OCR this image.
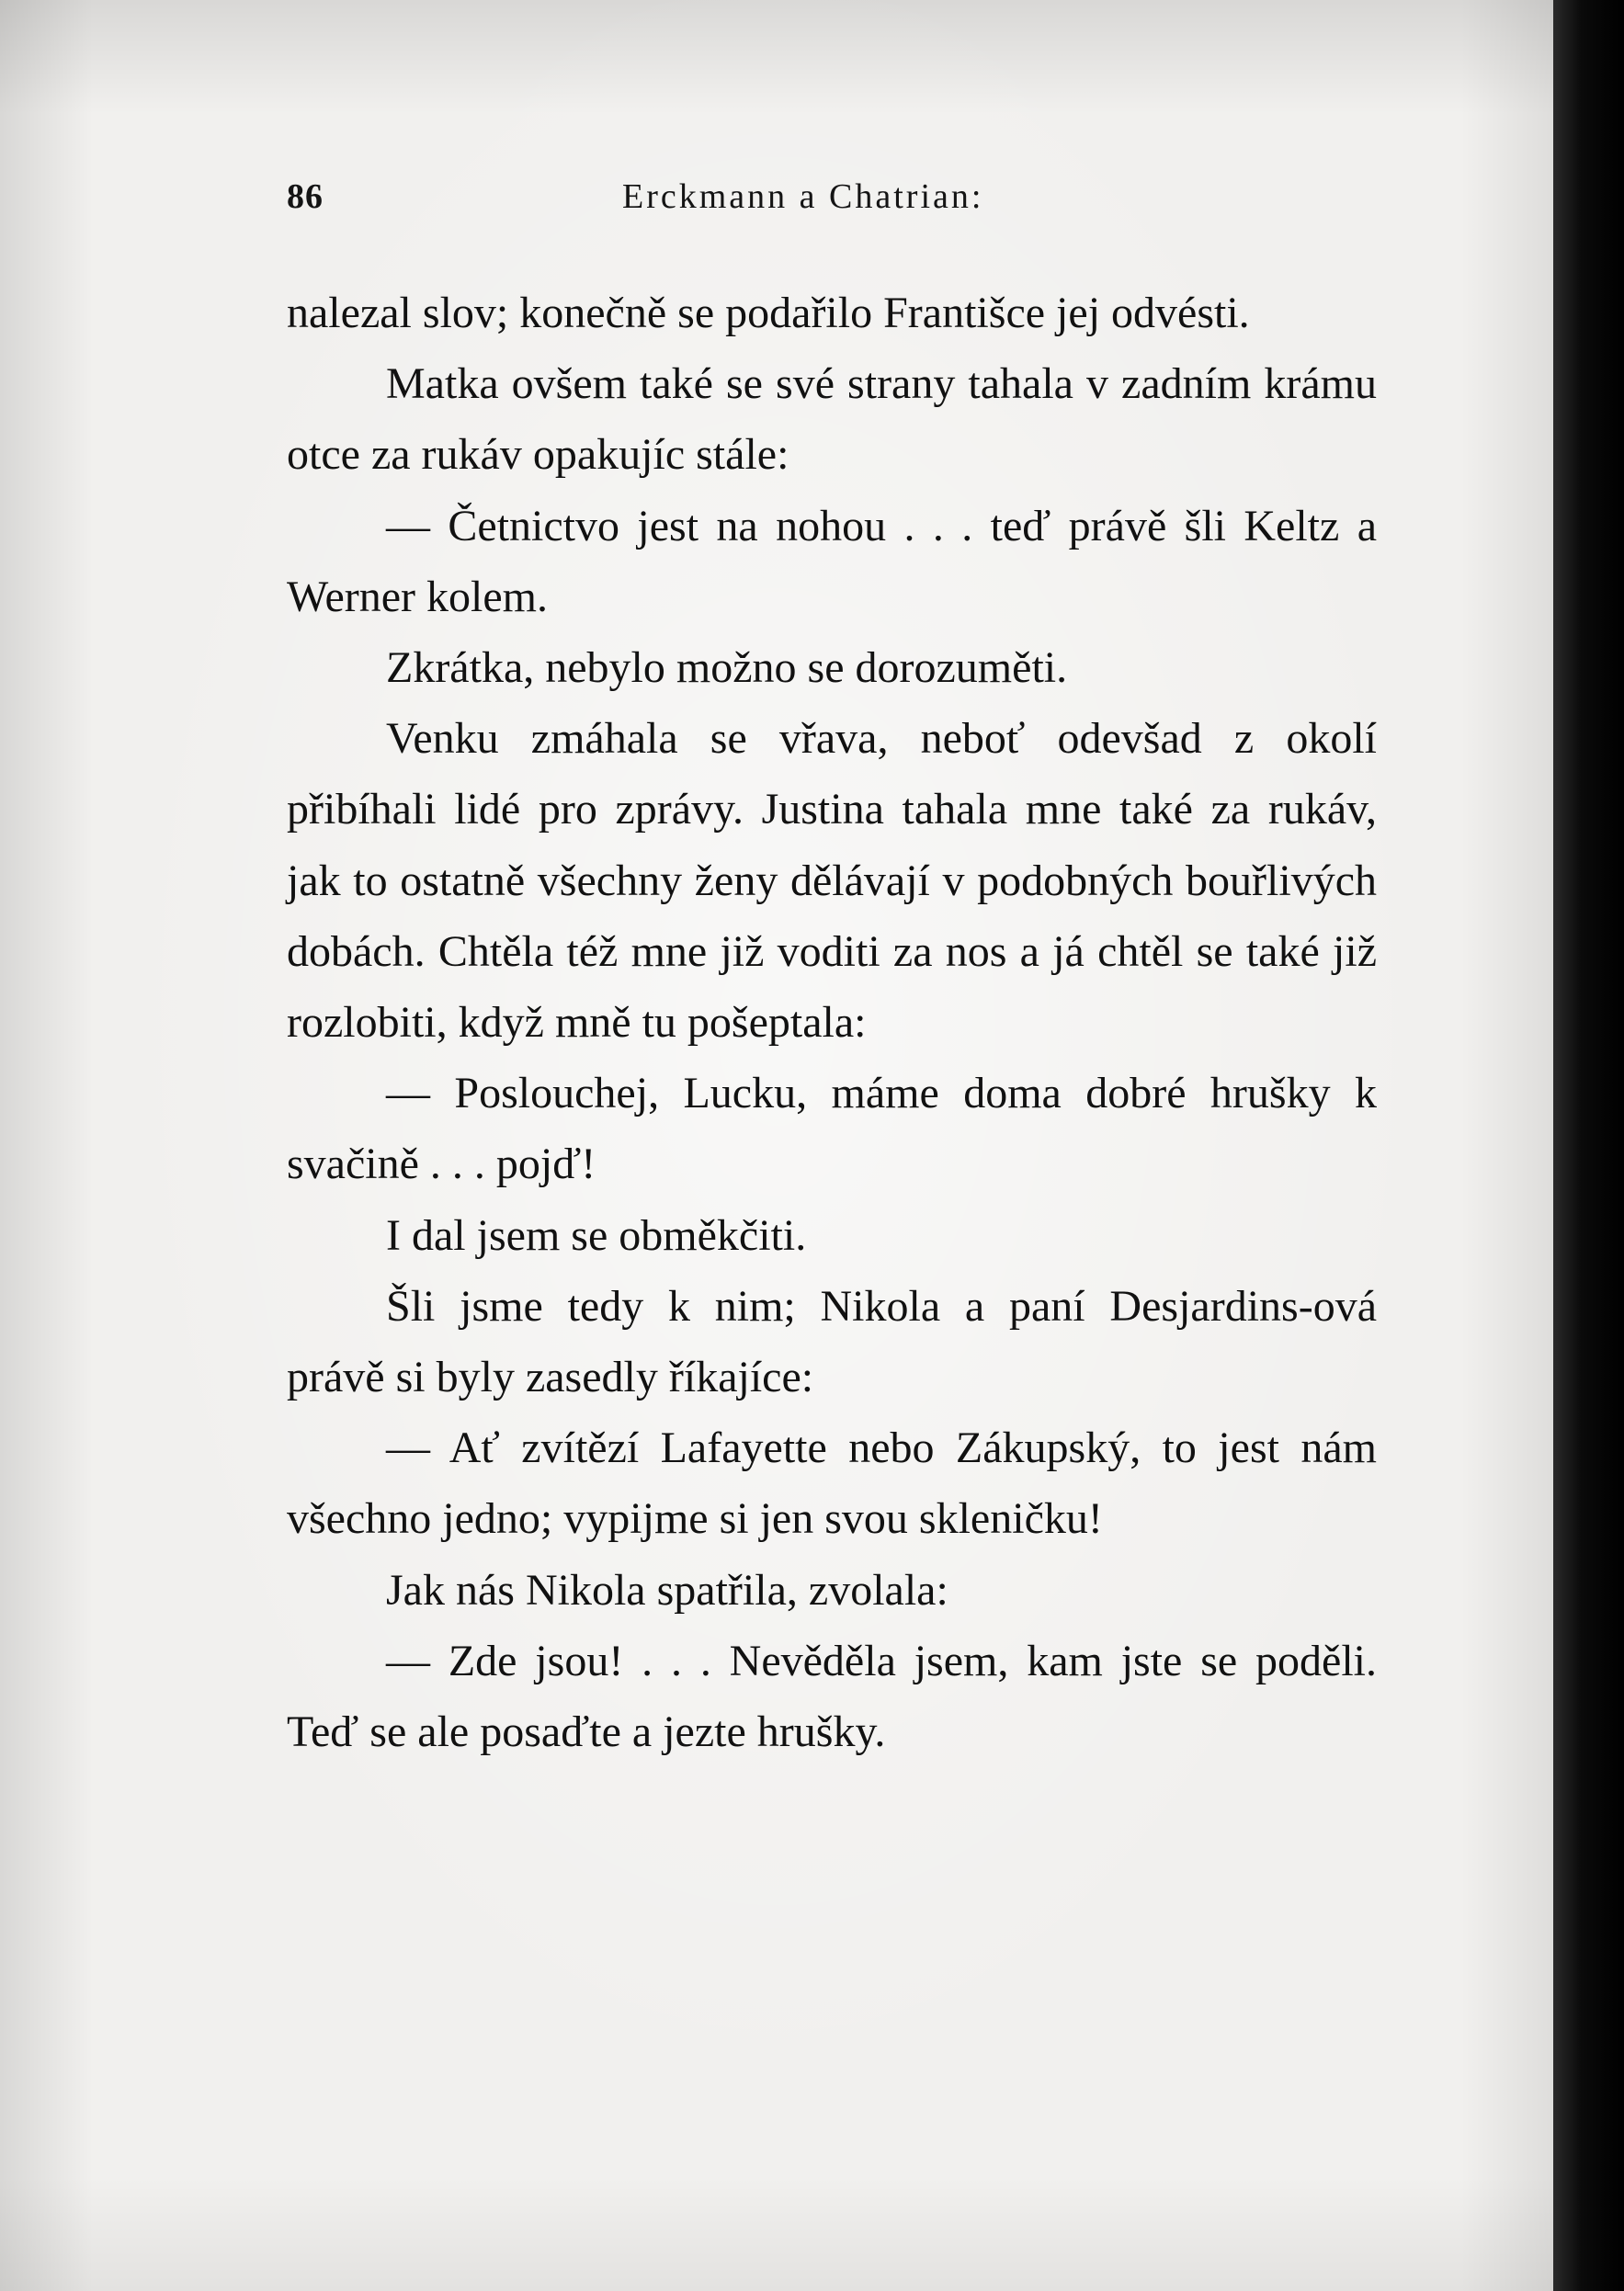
86	Erckmann a Chatrian:

nalezal slov; konečně se podařilo Františce jej odvésti.

Matka ovšem také se své strany tahala v zadním krámu otce za rukáv opakujíc stále:

— Četnictvo jest na nohou . . . teď právě šli Keltz a Werner kolem.

Zkrátka, nebylo možno se dorozuměti.

Venku zmáhala se vřava, neboť odevšad z okolí přibíhali lidé pro zprávy. Justina tahala mne také za rukáv, jak to ostatně všechny ženy dělávají v podobných bouřlivých dobách. Chtěla též mne již voditi za nos a já chtěl se také již rozlobiti, když mně tu pošeptala:

— Poslouchej, Lucku, máme doma dobré hrušky k svačině . . . pojď!

I dal jsem se obměkčiti.

Šli jsme tedy k nim; Nikola a paní Desjardins-ová právě si byly zasedly říkajíce:

— Ať zvítězí Lafayette nebo Zákupský, to jest nám všechno jedno; vypijme si jen svou skleničku!

Jak nás Nikola spatřila, zvolala:

— Zde jsou! . . . Nevěděla jsem, kam jste se poděli. Teď se ale posaďte a jezte hrušky.
